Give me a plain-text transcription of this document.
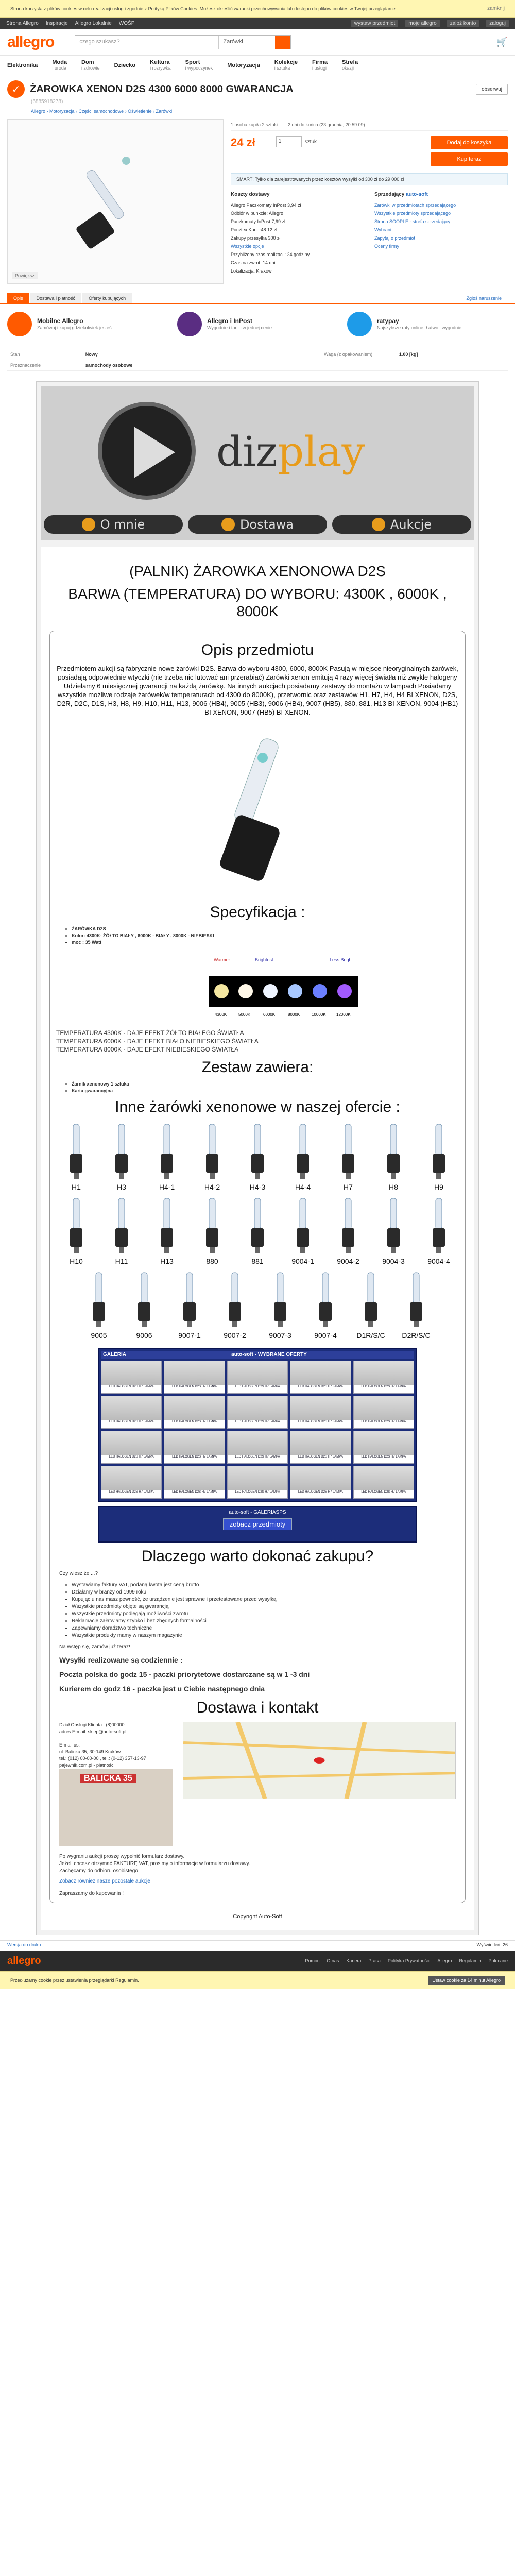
Strona korzysta z plików cookies w celu realizacji usług i zgodnie z Polityką Plików Cookies. Możesz określić warunki przechowywania lub dostępu do plików cookies w Twojej przeglądarce.	zamknij
Strona Allegro Inspiracje Allegro Lokalnie WOŚP	wystaw przedmiot	moje allegro	zaloż konto	zaloguj
allegro	czego szukasz?	Zarówki	🛒
Elektronika	Moda
i uroda
Dom
i zdrowie	Dziecko	Kultura
i rozrywka
Sport
i wypoczynek	Motoryzacja	Kolekcje
i sztuka
Firma
i usługi
Strefa
okazji
✓ ŻAROWKA XENON D2S 4300 6000 8000 GWARANCJA	obserwuj
(6885918278)
Allegro › Motoryzacja › Części samochodowe › Oświetlenie › Żarówki
Powiększ
1 osoba kupiła 2 sztuki 2 dni do końca (23 grudnia, 20:59:09)
24 zł	1	sztuk	Dodaj do koszyka
Kup teraz
SMART! Tylko dla zarejestrowanych przez kosztów wysyłki od 300 zł do 29 000 zł
Koszty dostawy
Allegro Paczkomaty InPost 3,94 zł
Odbiór w punkcie: Allegro
Paczkomaty InPost 7,99 zł
Pocztex Kurier48 12 zł
Zakupy przesyłka 300 zł
Wszystkie opcje
Przybliżony czas realizacji: 24 godziny
Czas na zwrot: 14 dni
Lokalizacja: Kraków
Sprzedający auto-soft
Zarówki w przedmiotach sprzedającego
Wszystkie przedmioty sprzedającego
Strona SOOPLE - strefa sprzedający
Wybrani
Zapytaj o przedmiot
Oceny firmy
Opis	Dostawa i płatność	Oferty kupujących	Zgłoś naruszenie
Mobilne Allegro
Zamówaj i kupuj gdziekolwiek jesteś
Allegro i InPost
Wygodnie i tanio w jednej cenie
ratypay
Najszybsze raty online. Łatwo i wygodnie
Stan	Nowy	Waga (z opakowaniem)	1.00 [kg]
Przeznaczenie	samochody osobowe		
dizplay
O mnie	Dostawa	Aukcje
(PALNIK) ŻAROWKA XENONOWA D2S
BARWA (TEMPERATURA) DO WYBORU: 4300K , 6000K , 8000K
Opis przedmiotu

Przedmiotem aukcji są fabrycznie nowe żarówki D2S. Barwa do wyboru 4300, 6000, 8000K Pasują w miejsce nieoryginalnych żarówek, posiadają odpowiednie wtyczki (nie trzeba nic lutować ani przerabiać) Żarówki xenon emitują 4 razy więcej światła niż zwykłe halogeny Udzielamy 6 miesięcznej gwarancji na każdą żarówkę. Na innych aukcjach posiadamy zestawy do montażu w lampach Posiadamy wszystkie możliwe rodzaje żarówek/w temperaturach od 4300 do 8000K), przetwornic oraz zestawów H1, H7, H4, H4 BI XENON, D2S, D2R, D2C, D1S, H3, H8, H9, H10, H11, H13, 9006 (HB4), 9005 (HB3), 9006 (HB4), 9007 (HB5), 880, 881, H13 BI XENON, 9004 (HB1) BI XENON, 9007 (HB5) BI XENON.

Specyfikacja :
• ŻARÓWKA D2S
• Kolor: 4300K- ŻÓŁTO BIAŁY , 6000K - BIAŁY , 8000K - NIEBIESKI
• moc : 35 Watt
Warmer	Brightest	Less Bright
4300K	5000K	6000K	8000K	10000K	12000K
TEMPERATURA 4300K - DAJE EFEKT ŻÓŁTO BIAŁEGO ŚWIATŁA
TEMPERATURA 6000K - DAJE EFEKT BIAŁO NIEBIESKIEGO ŚWIATŁA
TEMPERATURA 8000K - DAJE EFEKT NIEBIESKIEGO ŚWIATŁA
Zestaw zawiera:
• Żarnik xenonowy 1 sztuka
• Karta gwarancyjna
Inne żarówki xenonowe w naszej ofercie :
H1	H3	H4-1	H4-2	H4-3	H4-4	H7	H8	H9
H10	H11	H13	880	881	9004-1	9004-2	9004-3	9004-4
9005	9006	9007-1	9007-2	9007-3	9007-4	D1R/S/C D2R/S/C
GALERIA	auto-soft - WYBRANE OFERTY
LED HALOGEN D2S H7 LAMPA	LED HALOGEN D2S H7 LAMPA	LED HALOGEN D2S H7 LAMPA	LED HALOGEN D2S H7 LAMPA	LED HALOGEN D2S H7 LAMPA
LED HALOGEN D2S H7 LAMPA	LED HALOGEN D2S H7 LAMPA	LED HALOGEN D2S H7 LAMPA	LED HALOGEN D2S H7 LAMPA	LED HALOGEN D2S H7 LAMPA
LED HALOGEN D2S H7 LAMPA	LED HALOGEN D2S H7 LAMPA	LED HALOGEN D2S H7 LAMPA	LED HALOGEN D2S H7 LAMPA	LED HALOGEN D2S H7 LAMPA
LED HALOGEN D2S H7 LAMPA	LED HALOGEN D2S H7 LAMPA	LED HALOGEN D2S H7 LAMPA	LED HALOGEN D2S H7 LAMPA	LED HALOGEN D2S H7 LAMPA
auto-soft - GALERIASPS
zobacz przedmioty
Dlaczego warto dokonać zakupu?
Czy wiesz że ...?
• Wystawiamy faktury VAT, podaną kwota jest ceną brutto
• Działamy w branży od 1999 roku
• Kupując u nas masz pewność, że urządzenie jest sprawne i przetestowane przed wysyłką
• Wszystkie przedmioty objęte są gwarancją
• Wszystkie przedmioty podlegają możliwości zwrotu
• Reklamacje załatwiamy szybko i bez zbędnych formalności
• Zapewniamy doradztwo techniczne
• Wszystkie produkty mamy w naszym magazynie
Na wstęp się, zamów już teraz!
Wysyłki realizowane są codziennie :
Poczta polska do godz 15 - paczki priorytetowe dostarczane są w 1 -3 dni
Kurierem do godz 16 - paczka jest u Ciebie następnego dnia
Dostawa i kontakt
Dział Obsługi Klienta : (8)00000
adres E-mail: sklep@auto-soft.pl

E-mail us:
ul. Balicka 35, 30-149 Kraków
tel.: (012) 00-00-00 , tel.: (0-12) 357-13-97
pajewnik.com.pl - płatności
BALICKA 35
Po wygraniu aukcji proszę wypełnić formularz dostawy.
Jeżeli chcesz otrzymać FAKTURĘ VAT, prosimy o informacje w formularzu dostawy.
Zachęcamy do odbioru osobistego
Zobacz również nasze pozostałe aukcje
Zapraszamy do kupowania !
Copyright Auto-Soft
Wersja do druku	Wyświetleń: 26
allegro	Pomoc O nas Kariera Prasa Polityka Prywatności Allegro Regulamin Polecane
Przedłużamy cookie przez ustawienia przeglądarki Regulamin.	Ustaw cookie za 14 minut Allegro
